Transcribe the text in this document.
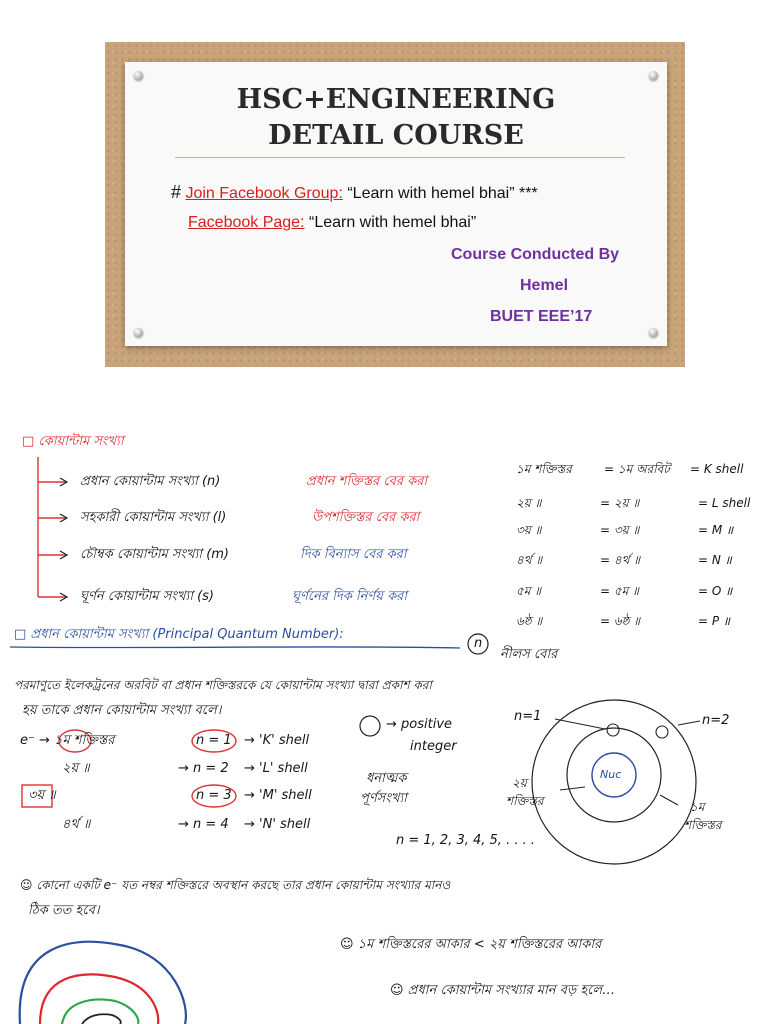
HSC+ENGINEERING
DETAIL COURSE
# Join Facebook Group: “Learn with hemel bhai” ***
Facebook Page: “Learn with hemel bhai”
Course Conducted By
Hemel
BUET EEE’17
□ কোয়ান্টাম সংখ্যা
প্রধান কোয়ান্টাম সংখ্যা (n)	প্রধান শক্তিস্তর বের করা
সহকারী কোয়ান্টাম সংখ্যা (l)	উপশক্তিস্তর বের করা
চৌম্বক কোয়ান্টাম সংখ্যা (m)	দিক বিন্যাস বের করা
ঘূর্ণন কোয়ান্টাম সংখ্যা (s)	ঘূর্ণনের দিক নির্ণয় করা
১ম শক্তিস্তর	= ১ম অরবিট = K shell
২য় ॥	= ২য় ॥	= L shell
৩য় ॥	= ৩য় ॥	= M ॥
৪র্থ ॥	= ৪র্থ ॥	= N ॥
৫ম ॥	= ৫ম ॥	= O ॥
৬ষ্ঠ ॥	= ৬ষ্ঠ ॥	= P ॥
□ প্রধান কোয়ান্টাম সংখ্যা (Principal Quantum Number):
n
নীলস বোর
পরমাণুতে ইলেকট্রনের অরবিট বা প্রধান শক্তিস্তরকে যে কোয়ান্টাম সংখ্যা দ্বারা প্রকাশ করা
হয় তাকে প্রধান কোয়ান্টাম সংখ্যা বলে।
e⁻ → ১ম শক্তিস্তর	n = 1 → 'K' shell
২য় ॥	→ n = 2 → 'L' shell
৩য় ॥	n = 3 → 'M' shell
৪র্থ ॥	→ n = 4 → 'N' shell
→ positive
integer
ধনাত্মক
পূর্ণসংখ্যা
n = 1, 2, 3, 4, 5, . . . .
n=1	n=2
Nuc
২য়
শক্তিস্তর	১ম
শক্তিস্তর
☺ কোনো একটি e⁻ যত নম্বর শক্তিস্তরে অবস্থান করছে তার প্রধান কোয়ান্টাম সংখ্যার মানও
ঠিক তত হবে।
☺ ১ম শক্তিস্তরের আকার < ২য় শক্তিস্তরের আকার
☺ প্রধান কোয়ান্টাম সংখ্যার মান বড় হলে…
